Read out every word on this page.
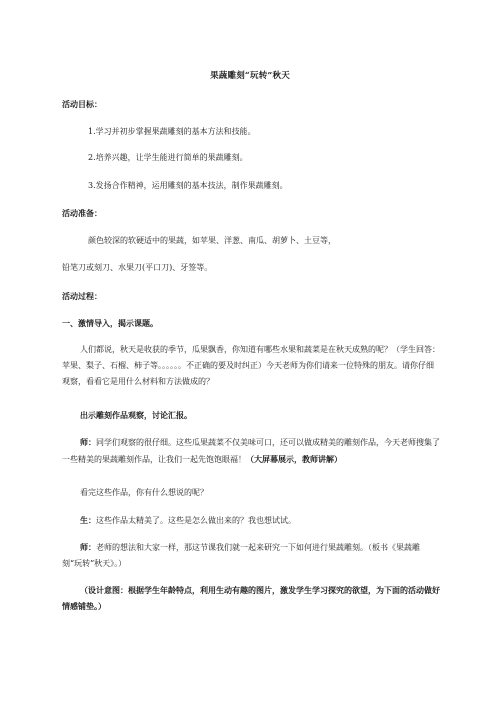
果蔬雕刻“玩转”秋天
活动目标：
1.学习并初步掌握果蔬雕刻的基本方法和技能。
2.培养兴趣，让学生能进行简单的果蔬雕刻。
3.发扬合作精神，运用雕刻的基本技法，制作果蔬雕刻。
活动准备：
颜色较深的软硬适中的果蔬，如苹果、洋葱、南瓜、胡萝卜、土豆等，
铅笔刀或刻刀、水果刀(平口刀)、牙签等。
活动过程：
一、激情导入，揭示课题。
人们都说，秋天是收获的季节，瓜果飘香，你知道有哪些水果和蔬菜是在秋天成熟的呢？（学生回答：苹果、梨子、石榴、柿子等。。。。。。不正确的要及时纠正）今天老师为你们请来一位特殊的朋友。请你仔细观察，看看它是用什么材料和方法做成的？
出示雕刻作品观察，讨论汇报。
师：同学们观察的很仔细。这些瓜果蔬菜不仅美味可口，还可以做成精美的雕刻作品，今天老师搜集了一些精美的果蔬雕刻作品，让我们一起先饱饱眼福！（大屏幕展示，教师讲解）
看完这些作品，你有什么想说的呢？
生：这些作品太精美了。这些是怎么做出来的？我也想试试。
师：老师的想法和大家一样，那这节课我们就一起来研究一下如何进行果蔬雕刻。（板书《果蔬雕刻“玩转”秋天》。）
（设计意图：根据学生年龄特点，利用生动有趣的图片，激发学生学习探究的欲望，为下面的活动做好情感铺垫。）
